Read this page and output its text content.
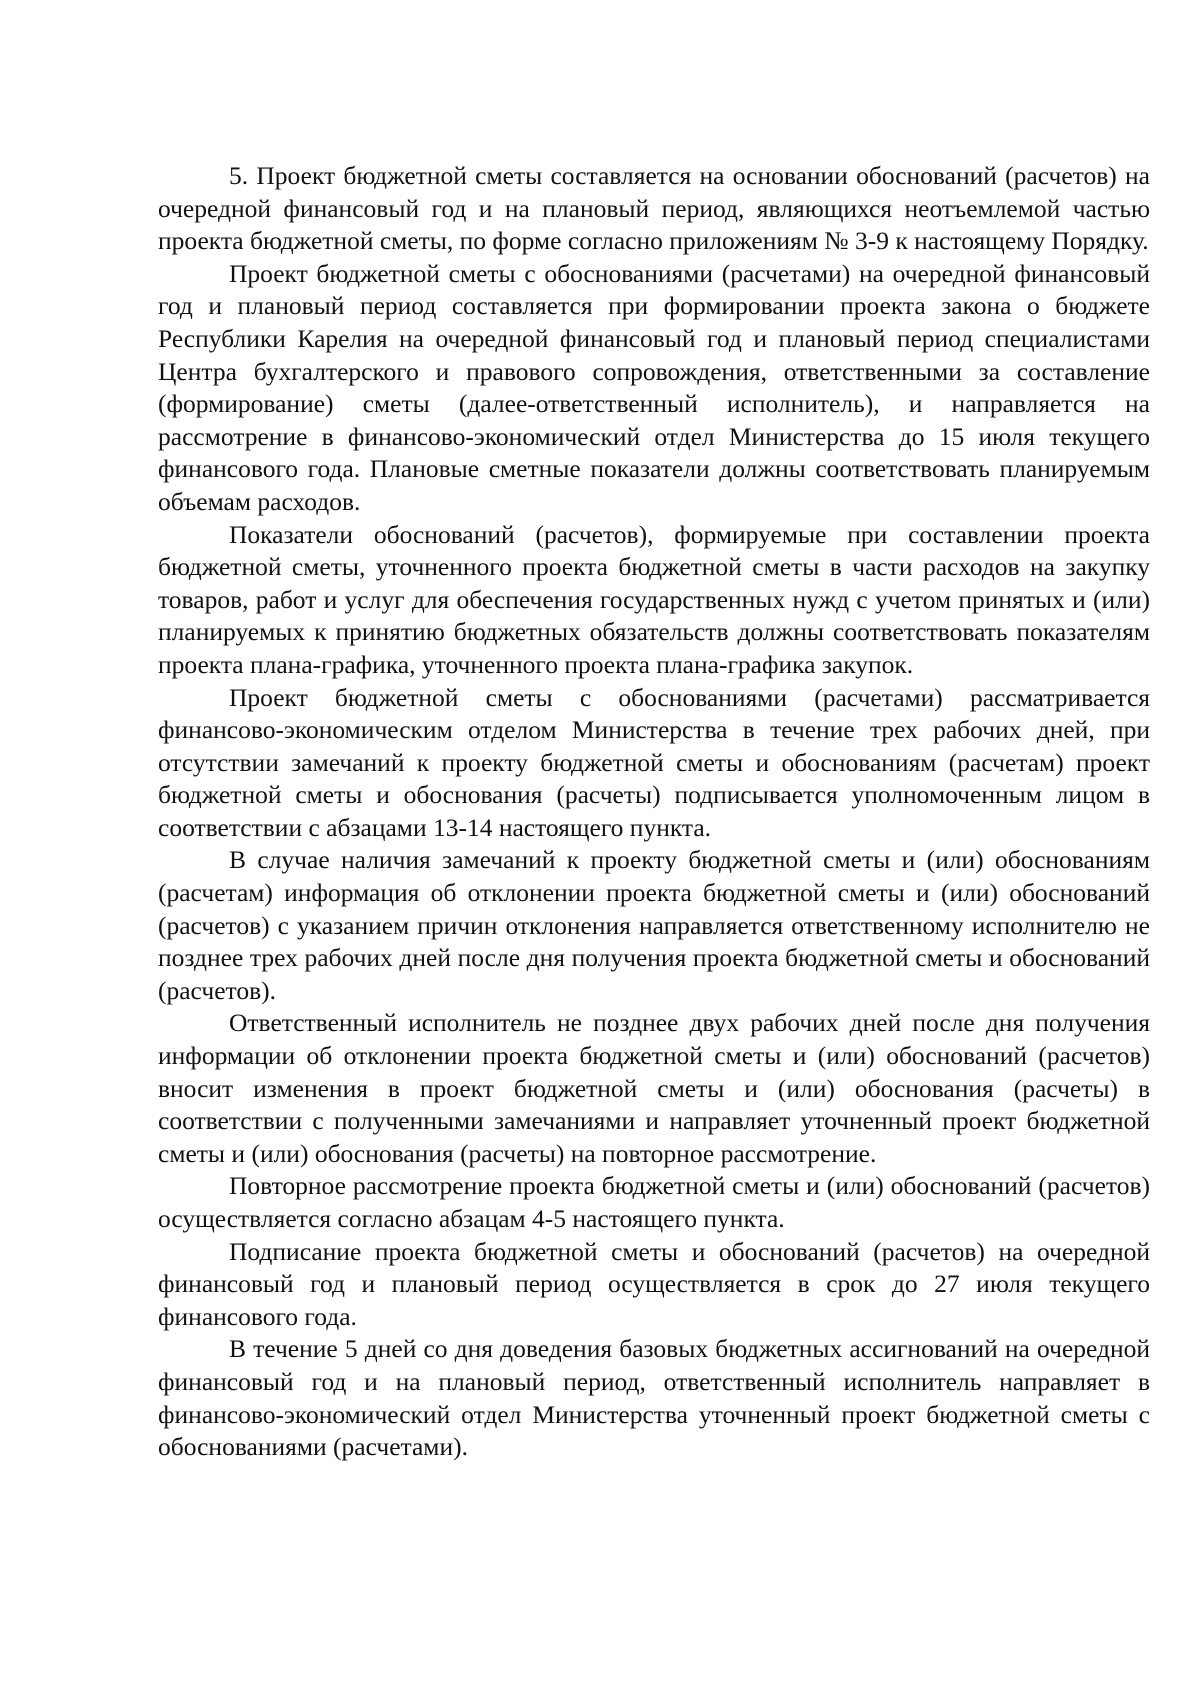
5. Проект бюджетной сметы составляется на основании обоснований (расчетов) на очередной финансовый год и на плановый период, являющихся неотъемлемой частью проекта бюджетной сметы, по форме согласно приложениям № 3-9 к настоящему Порядку.

Проект бюджетной сметы с обоснованиями (расчетами) на очередной финансовый год и плановый период составляется при формировании проекта закона о бюджете Республики Карелия на очередной финансовый год и плановый период специалистами Центра бухгалтерского и правового сопровождения, ответственными за составление (формирование) сметы (далее-ответственный исполнитель), и направляется на рассмотрение в финансово-экономический отдел Министерства до 15 июля текущего финансового года. Плановые сметные показатели должны соответствовать планируемым объемам расходов.

Показатели обоснований (расчетов), формируемые при составлении проекта бюджетной сметы, уточненного проекта бюджетной сметы в части расходов на закупку товаров, работ и услуг для обеспечения государственных нужд с учетом принятых и (или) планируемых к принятию бюджетных обязательств должны соответствовать показателям проекта плана-графика, уточненного проекта плана-графика закупок.

Проект бюджетной сметы с обоснованиями (расчетами) рассматривается финансово-экономическим отделом Министерства в течение трех рабочих дней, при отсутствии замечаний к проекту бюджетной сметы и обоснованиям (расчетам) проект бюджетной сметы и обоснования (расчеты) подписывается уполномоченным лицом в соответствии с абзацами 13-14 настоящего пункта.

В случае наличия замечаний к проекту бюджетной сметы и (или) обоснованиям (расчетам) информация об отклонении проекта бюджетной сметы и (или) обоснований (расчетов) с указанием причин отклонения направляется ответственному исполнителю не позднее трех рабочих дней после дня получения проекта бюджетной сметы и обоснований (расчетов).

Ответственный исполнитель не позднее двух рабочих дней после дня получения информации об отклонении проекта бюджетной сметы и (или) обоснований (расчетов) вносит изменения в проект бюджетной сметы и (или) обоснования (расчеты) в соответствии с полученными замечаниями и направляет уточненный проект бюджетной сметы и (или) обоснования (расчеты) на повторное рассмотрение.

Повторное рассмотрение проекта бюджетной сметы и (или) обоснований (расчетов) осуществляется согласно абзацам 4-5 настоящего пункта.

Подписание проекта бюджетной сметы и обоснований (расчетов) на очередной финансовый год и плановый период осуществляется в срок до 27 июля текущего финансового года.

В течение 5 дней со дня доведения базовых бюджетных ассигнований на очередной финансовый год и на плановый период, ответственный исполнитель направляет в финансово-экономический отдел Министерства уточненный проект бюджетной сметы с обоснованиями (расчетами).
